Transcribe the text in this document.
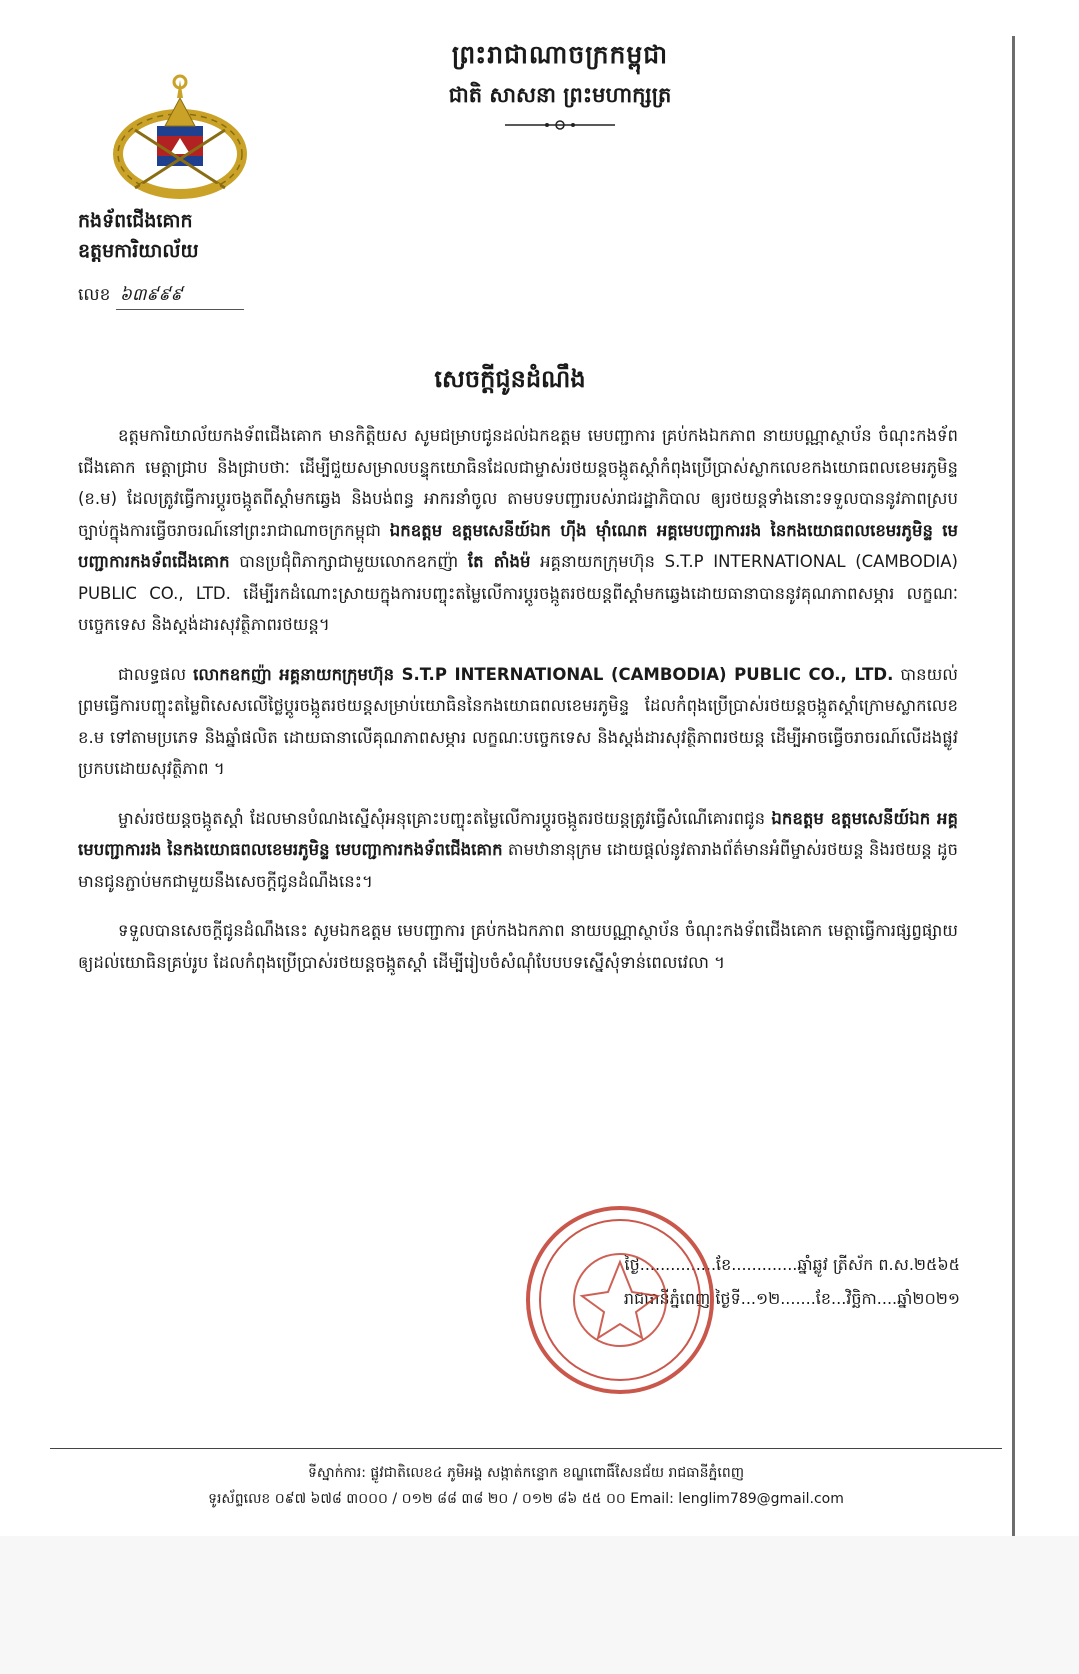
ព្រះរាជាណាចក្រកម្ពុជា
ជាតិ សាសនា ព្រះមហាក្សត្រ
កងទ័ពជើងគោក
ឧត្តមការិយាល័យ
លេខ ៦៣៩៩៩
សេចក្តីជូនដំណឹង

ឧត្តមការិយាល័យកងទ័ពជើងគោក មានកិត្តិយស សូមជម្រាបជូនដល់ឯកឧត្តម មេបញ្ជាការ គ្រប់កងឯកភាព នាយបណ្ណាស្ថាប័ន ចំណុះកងទ័ពជើងគោក មេត្តាជ្រាប និងជ្រាបថាៈ ដើម្បីជួយសម្រាលបន្ទុកយោធិនដែលជាម្ចាស់រថយន្តចង្កូតស្តាំកំពុងប្រើប្រាស់ស្លាកលេខកងយោធពលខេមរភូមិន្ទ (ខ.ម) ដែលត្រូវធ្វើការប្តូរចង្កូតពីស្តាំមកឆ្វេង និងបង់ពន្ធ អាករនាំចូល តាមបទបញ្ជារបស់រាជរដ្ឋាភិបាល ឲ្យរថយន្តទាំងនោះទទួលបាននូវភាពស្របច្បាប់ក្នុងការធ្វើចរាចរណ៍នៅព្រះរាជាណាចក្រកម្ពុជា ឯកឧត្តម ឧត្តមសេនីយ៍ឯក ហ៊ីង ម៉ាំណេត អគ្គមេបញ្ជាការរង នៃកងយោធពលខេមរភូមិន្ទ មេបញ្ជាការកងទ័ពជើងគោក បានប្រជុំពិភាក្សាជាមួយលោកឧកញ៉ា តែ តាំងម៉ អគ្គនាយកក្រុមហ៊ុន S.T.P INTERNATIONAL (CAMBODIA) PUBLIC CO., LTD. ដើម្បីរកដំណោះស្រាយក្នុងការបញ្ចុះតម្លៃលើការប្តូរចង្កូតរថយន្តពីស្តាំមកឆ្វេងដោយធានាបាននូវគុណភាពសម្ភារ លក្ខណៈបច្ចេកទេស និងស្តង់ដារសុវត្ថិភាពរថយន្ត។

ជាលទ្ធផល លោកឧកញ៉ា អគ្គនាយកក្រុមហ៊ុន S.T.P INTERNATIONAL (CAMBODIA) PUBLIC CO., LTD. បានយល់ព្រមធ្វើការបញ្ចុះតម្លៃពិសេសលើថ្លៃប្តូរចង្កូតរថយន្តសម្រាប់យោធិននៃកងយោធពលខេមរភូមិន្ទ ដែលកំពុងប្រើប្រាស់រថយន្តចង្កូតស្តាំក្រោមស្លាកលេខ ខ.ម ទៅតាមប្រភេទ និងឆ្នាំផលិត ដោយធានាលើគុណភាពសម្ភារ លក្ខណៈបច្ចេកទេស និងស្តង់ដារសុវត្ថិភាពរថយន្ត ដើម្បីអាចធ្វើចរាចរណ៍លើដងផ្លូវប្រកបដោយសុវត្ថិភាព ។

ម្ចាស់រថយន្តចង្កូតស្តាំ ដែលមានបំណងស្នើសុំអនុគ្រោះបញ្ចុះតម្លៃលើការប្តូរចង្កូតរថយន្តត្រូវធ្វើសំណើគោរពជូន ឯកឧត្តម ឧត្តមសេនីយ៍ឯក អគ្គមេបញ្ជាការរង នៃកងយោធពលខេមរភូមិន្ទ មេបញ្ជាការកងទ័ពជើងគោក តាមឋានានុក្រម ដោយផ្តល់នូវតារាងព័ត៌មានអំពីម្ចាស់រថយន្ត និងរថយន្ត ដូចមានជូនភ្ជាប់មកជាមួយនឹងសេចក្តីជូនដំណឹងនេះ។

ទទួលបានសេចក្តីជូនដំណឹងនេះ សូមឯកឧត្តម មេបញ្ជាការ គ្រប់កងឯកភាព នាយបណ្ណាស្ថាប័ន ចំណុះកងទ័ពជើងគោក មេត្តាធ្វើការផ្សព្វផ្សាយឲ្យដល់យោធិនគ្រប់រូប ដែលកំពុងប្រើប្រាស់រថយន្តចង្កូតស្តាំ ដើម្បីរៀបចំសំណុំបែបបទស្នើសុំទាន់ពេលវេលា ។

ថ្ងៃ...............ខែ.............ឆ្នាំឆ្លូវ ត្រីស័ក ព.ស.២៥៦៥
រាជធានីភ្នំពេញ ថ្ងៃទី...១២.......ខែ...វិច្ឆិកា....ឆ្នាំ២០២១
ទីស្នាក់ការ: ផ្លូវជាតិលេខ៤ ភូមិអង្គ សង្កាត់កន្ទោក ខណ្ឌពោធិ៍សែនជ័យ រាជធានីភ្នំពេញ
ទូរស័ព្ទលេខ ០៩៧ ៦៧៨ ៣០០០ / ០១២ ៨៨ ៣៨ ២០ / ០១២ ៨៦ ៥៥ ០០ Email: lenglim789@gmail.com
